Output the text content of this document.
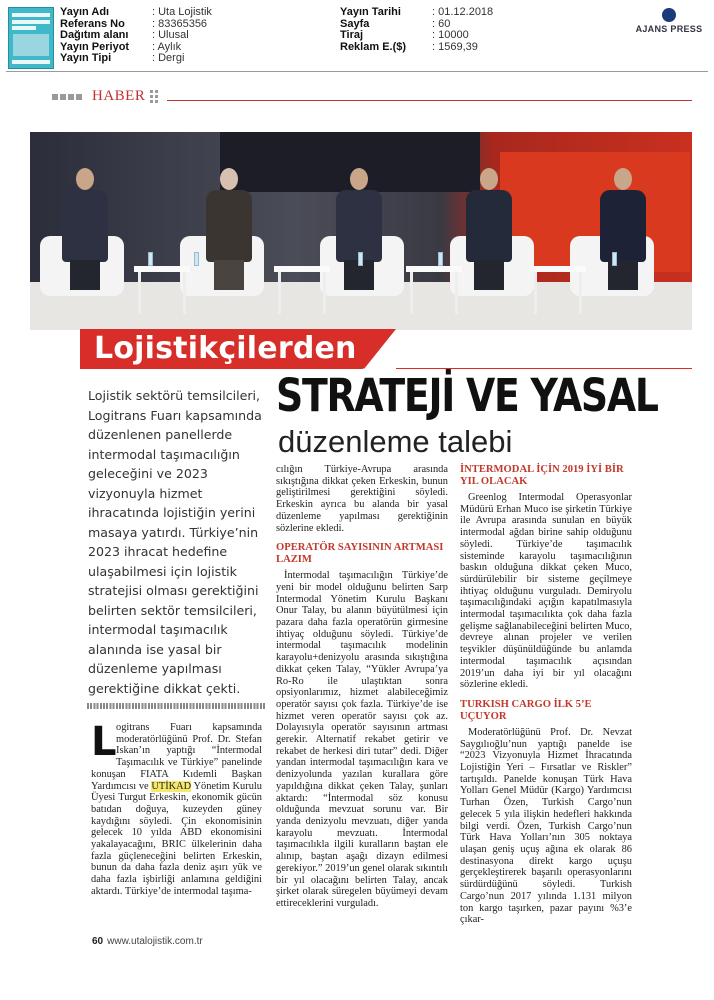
Yayın Adı	: Uta Lojistik
Referans No	: 83365356
Dağıtım alanı	: Ulusal
Yayın Periyot	: Aylık
Yayın Tipi	: Dergi
Yayın Tarihi	: 01.12.2018
Sayfa	: 60
Tiraj	: 10000
Reklam E.($)	: 1569,39
AJANS PRESS
HABER
Lojistikçilerden
STRATEJİ VE YASAL
düzenleme talebi
Lojistik sektörü temsilcileri, Logitrans Fuarı kapsamında düzenlenen panellerde intermodal taşımacılığın geleceğini ve 2023 vizyonuyla hizmet ihracatında lojistiğin yerini masaya yatırdı. Türkiye’nin 2023 ihracat hedefine ulaşabilmesi için lojistik stratejisi olması gerektiğini belirten sektör temsilcileri, intermodal taşımacılık alanında ise yasal bir düzenleme yapılması gerektiğine dikkat çekti.

Logitrans Fuarı kapsamında moderatörlüğünü Prof. Dr. Stefan Iskan’ın yaptığı “İntermodal Taşımacılık ve Türkiye” panelinde konuşan FIATA Kıdemli Başkan Yardımcısı ve UTİKAD Yönetim Kurulu Üyesi Turgut Erkeskin, ekonomik gücün batıdan doğuya, kuzeyden güney kaydığını söyledi. Çin ekonomisinin gelecek 10 yılda ABD ekonomisini yakalayacağını, BRIC ülkelerinin daha fazla güçleneceğini belirten Erkeskin, bunun da daha fazla deniz aşırı yük ve daha fazla işbirliği anlamına geldiğini aktardı. Türkiye’de intermodal taşıma-

cılığın Türkiye-Avrupa arasında sıkıştığına dikkat çeken Erkeskin, bunun geliştirilmesi gerektiğini söyledi. Erkeskin ayrıca bu alanda bir yasal düzenleme yapılması gerektiğinin sözlerine ekledi.

OPERATÖR SAYISININ ARTMASI LAZIM

İntermodal taşımacılığın Türkiye’de yeni bir model olduğunu belirten Sarp Intermodal Yönetim Kurulu Başkanı Onur Talay, bu alanın büyütülmesi için pazara daha fazla operatörün girmesine ihtiyaç olduğunu söyledi. Türkiye’de intermodal taşımacılık modelinin karayolu+denizyolu arasında sıkıştığına dikkat çeken Talay, “Yükler Avrupa’ya Ro-Ro ile ulaştıktan sonra opsiyonlarımız, hizmet alabileceğimiz operatör sayısı çok fazla. Türkiye’de ise hizmet veren operatör sayısı çok az. Dolayısıyla operatör sayısının artması gerekir. Alternatif rekabet getirir ve rekabet de herkesi diri tutar” dedi. Diğer yandan intermodal taşımacılığın kara ve denizyolunda yazılan kurallara göre yapıldığına dikkat çeken Talay, şunları aktardı: “İntermodal söz konusu olduğunda mevzuat sorunu var. Bir yanda denizyolu mevzuatı, diğer yanda karayolu mevzuatı. İntermodal taşımacılıkla ilgili kuralların baştan ele alınıp, baştan aşağı dizayn edilmesi gerekiyor.” 2019’un genel olarak sıkıntılı bir yıl olacağını belirten Talay, ancak şirket olarak süregelen büyümeyi devam ettireceklerini vurguladı.

İNTERMODAL İÇİN 2019 İYİ BİR YIL OLACAK

Greenlog Intermodal Operasyonlar Müdürü Erhan Muco ise şirketin Türkiye ile Avrupa arasında sunulan en büyük intermodal ağdan birine sahip olduğunu söyledi. Türkiye’de taşımacılık sisteminde karayolu taşımacılığının baskın olduğuna dikkat çeken Muco, sürdürülebilir bir sisteme geçilmeye ihtiyaç olduğunu vurguladı. Demiryolu taşımacılığındaki açığın kapatılmasıyla intermodal taşımacılıkta çok daha fazla gelişme sağlanabileceğini belirten Muco, devreye alınan projeler ve verilen teşvikler düşünüldüğünde bu anlamda intermodal taşımacılık açısından 2019’un daha iyi bir yıl olacağını sözlerine ekledi.

TURKISH CARGO İLK 5’E UÇUYOR

Moderatörlüğünü Prof. Dr. Nevzat Saygılıoğlu’nun yaptığı panelde ise “2023 Vizyonuyla Hizmet İhracatında Lojistiğin Yeri – Fırsatlar ve Riskler” tartışıldı. Panelde konuşan Türk Hava Yolları Genel Müdür (Kargo) Yardımcısı Turhan Özen, Turkish Cargo’nun gelecek 5 yıla ilişkin hedefleri hakkında bilgi verdi. Özen, Turkish Cargo’nun Türk Hava Yolları’nın 305 noktaya ulaşan geniş uçuş ağına ek olarak 86 destinasyona direkt kargo uçuşu gerçekleştirerek başarılı operasyonlarını sürdürdüğünü söyledi. Turkish Cargo’nun 2017 yılında 1.131 milyon ton kargo taşırken, pazar payını %3’e çıkar-

60 www.utalojistik.com.tr
